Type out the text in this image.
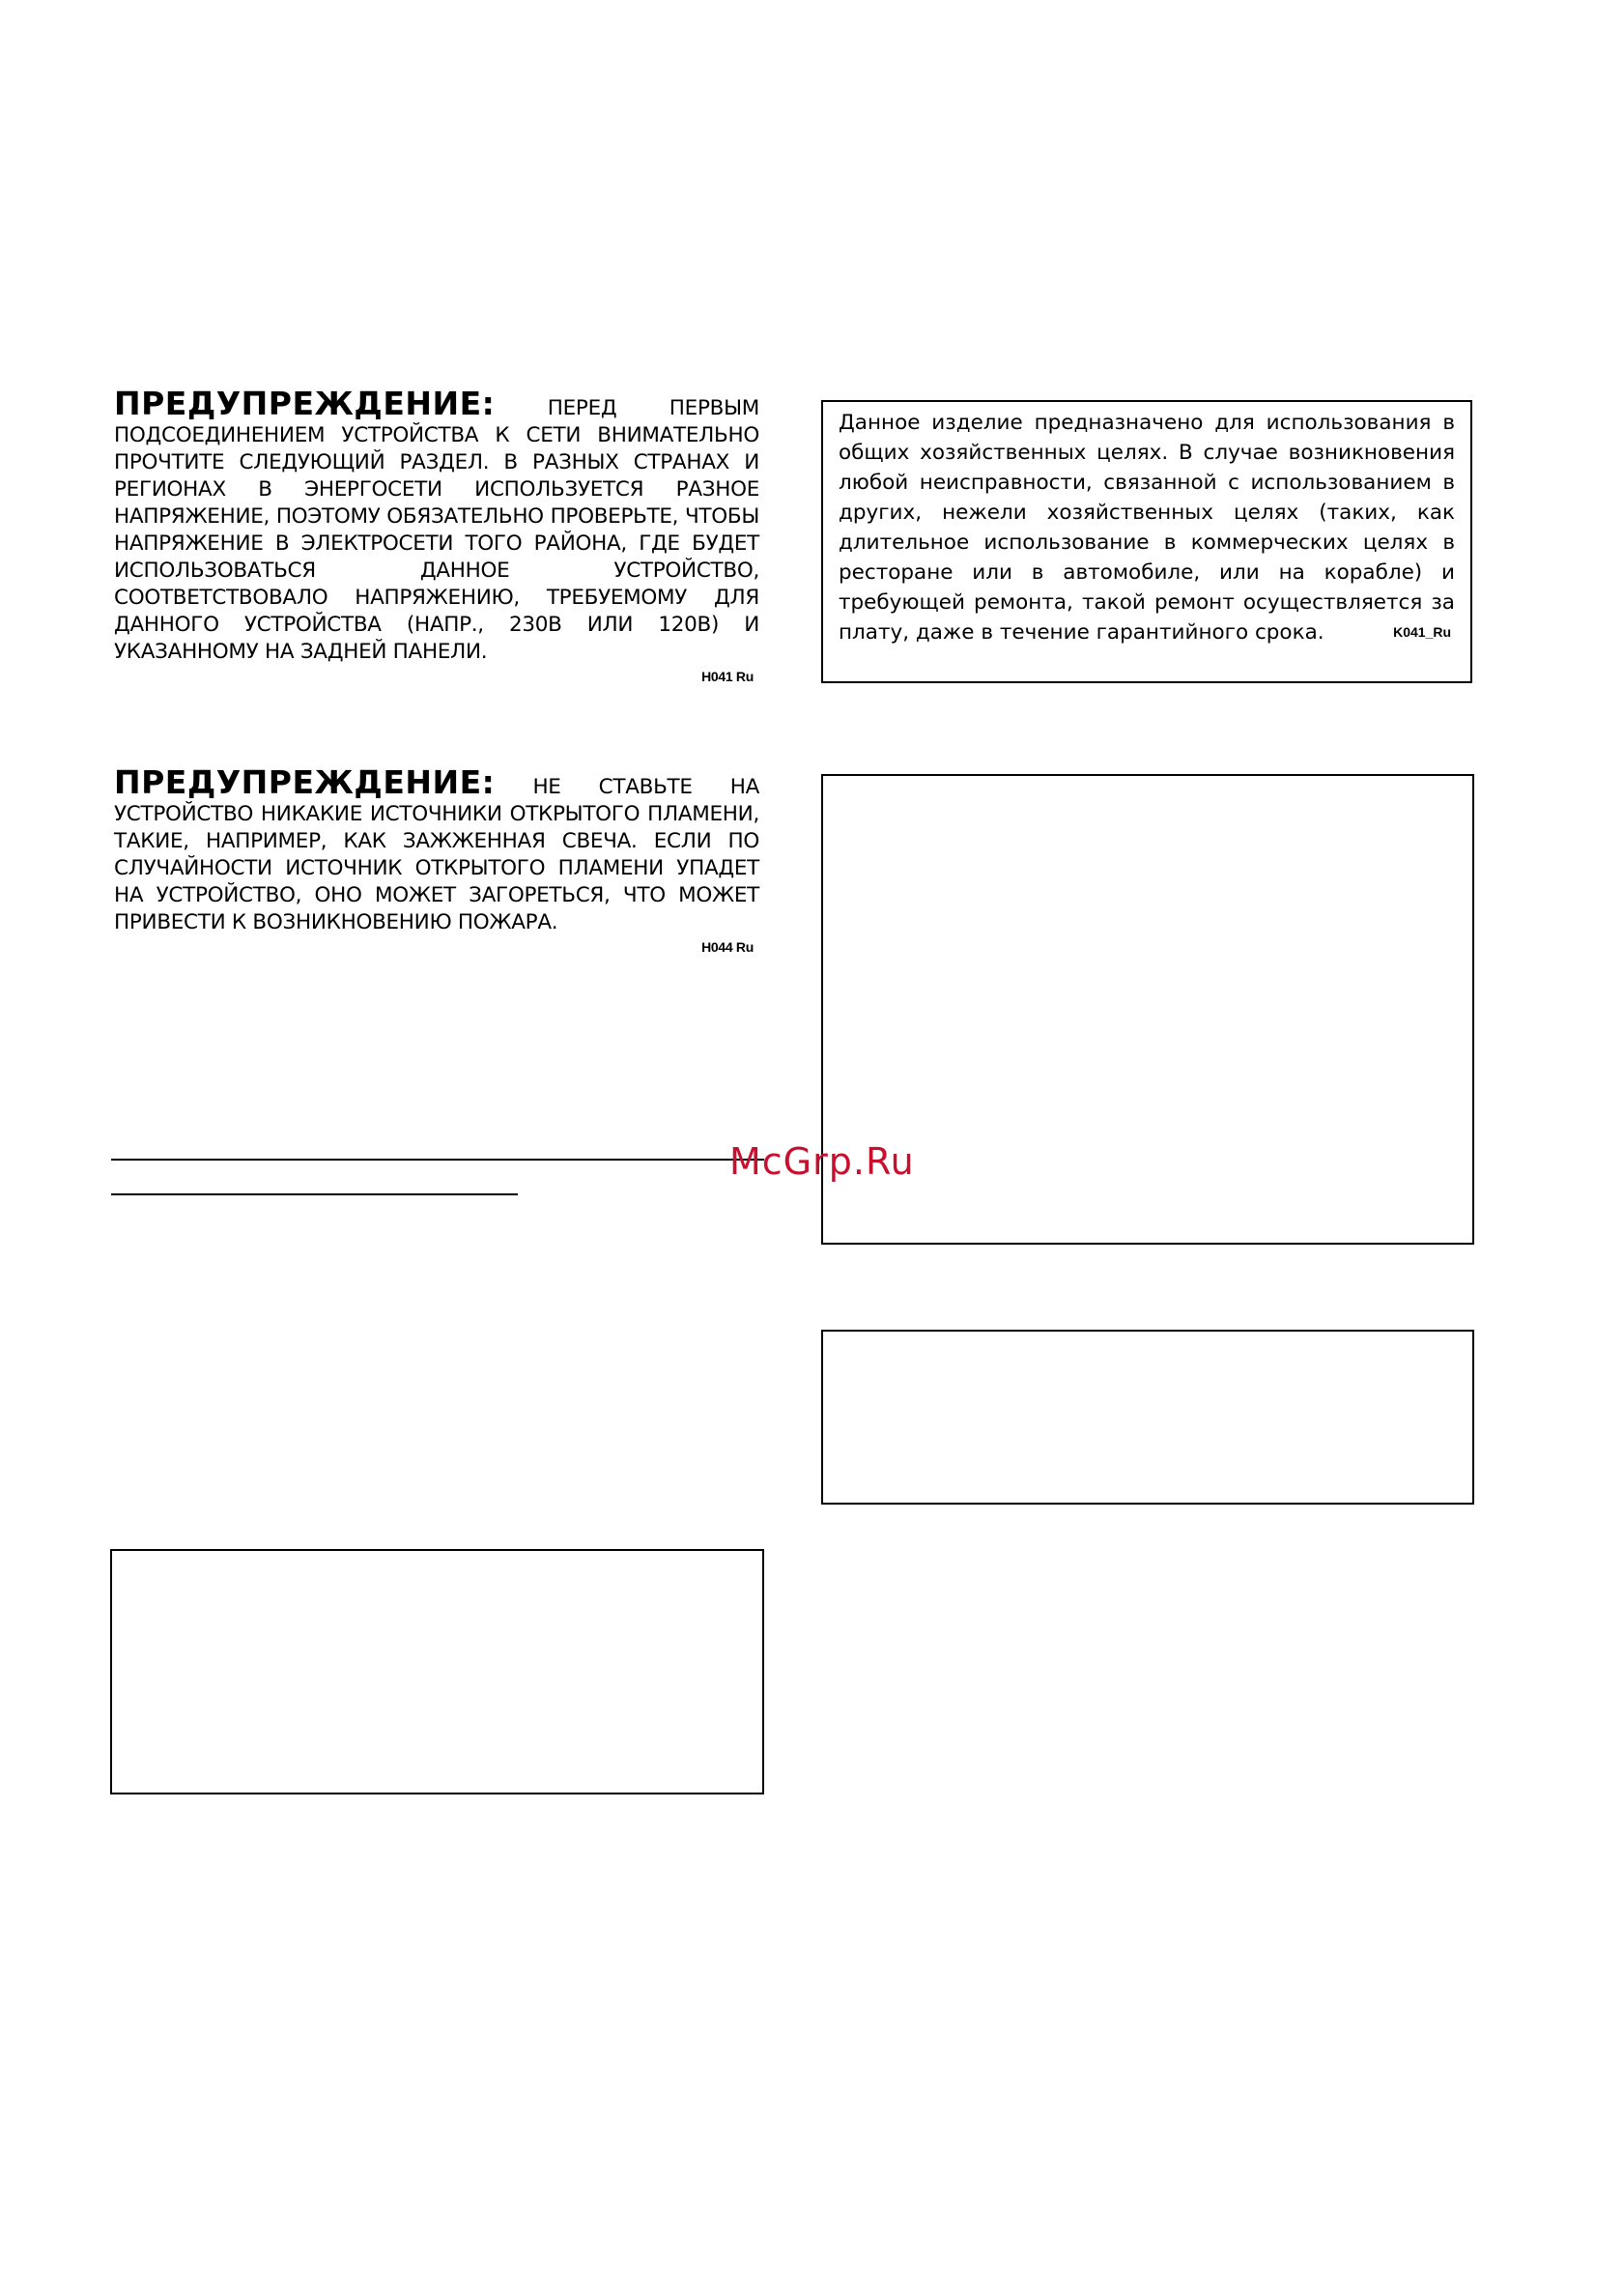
ПРЕДУПРЕЖДЕНИЕ:	ПЕРЕД ПЕРВЫМ ПОДСОЕДИНЕНИЕМ УСТРОЙСТВА К СЕТИ ВНИМАТЕЛЬНО ПРОЧТИТЕ СЛЕДУЮЩИЙ РАЗДЕЛ. В РАЗНЫХ СТРАНАХ И РЕГИОНАХ В ЭНЕРГОСЕТИ ИСПОЛЬЗУЕТСЯ РАЗНОЕ НАПРЯЖЕНИЕ, ПОЭТОМУ ОБЯЗАТЕЛЬНО ПРОВЕРЬТЕ, ЧТОБЫ НАПРЯЖЕНИЕ В ЭЛЕКТРОСЕТИ ТОГО РАЙОНА, ГДЕ БУДЕТ ИСПОЛЬЗОВАТЬСЯ ДАННОЕ УСТРОЙСТВО, СООТВЕТСТВОВАЛО НАПРЯЖЕНИЮ, ТРЕБУЕМОМУ ДЛЯ ДАННОГО УСТРОЙСТВА (НАПР., 230В ИЛИ 120В) И УКАЗАННОМУ НА ЗАДНЕЙ ПАНЕЛИ.
H041 Ru
Данное изделие предназначено для использования в общих хозяйственных целях. В случае возникновения любой неисправности, связанной с использованием в других, нежели хозяйственных целях (таких, как длительное использование в коммерческих целях в ресторане или в автомобиле, или на корабле) и требующей ремонта, такой ремонт осуществляется за плату, даже в течение гарантийного срока.	K041_Ru
ПРЕДУПРЕЖДЕНИЕ: НЕ СТАВЬТЕ НА УСТРОЙСТВО НИКАКИЕ ИСТОЧНИКИ ОТКРЫТОГО ПЛАМЕНИ, ТАКИЕ, НАПРИМЕР, КАК ЗАЖЖЕННАЯ СВЕЧА. ЕСЛИ ПО СЛУЧАЙНОСТИ ИСТОЧНИК ОТКРЫТОГО ПЛАМЕНИ УПАДЕТ НА УСТРОЙСТВО, ОНО МОЖЕТ ЗАГОРЕТЬСЯ, ЧТО МОЖЕТ ПРИВЕСТИ К ВОЗНИКНОВЕНИЮ ПОЖАРА.
H044 Ru
McGrp.Ru
